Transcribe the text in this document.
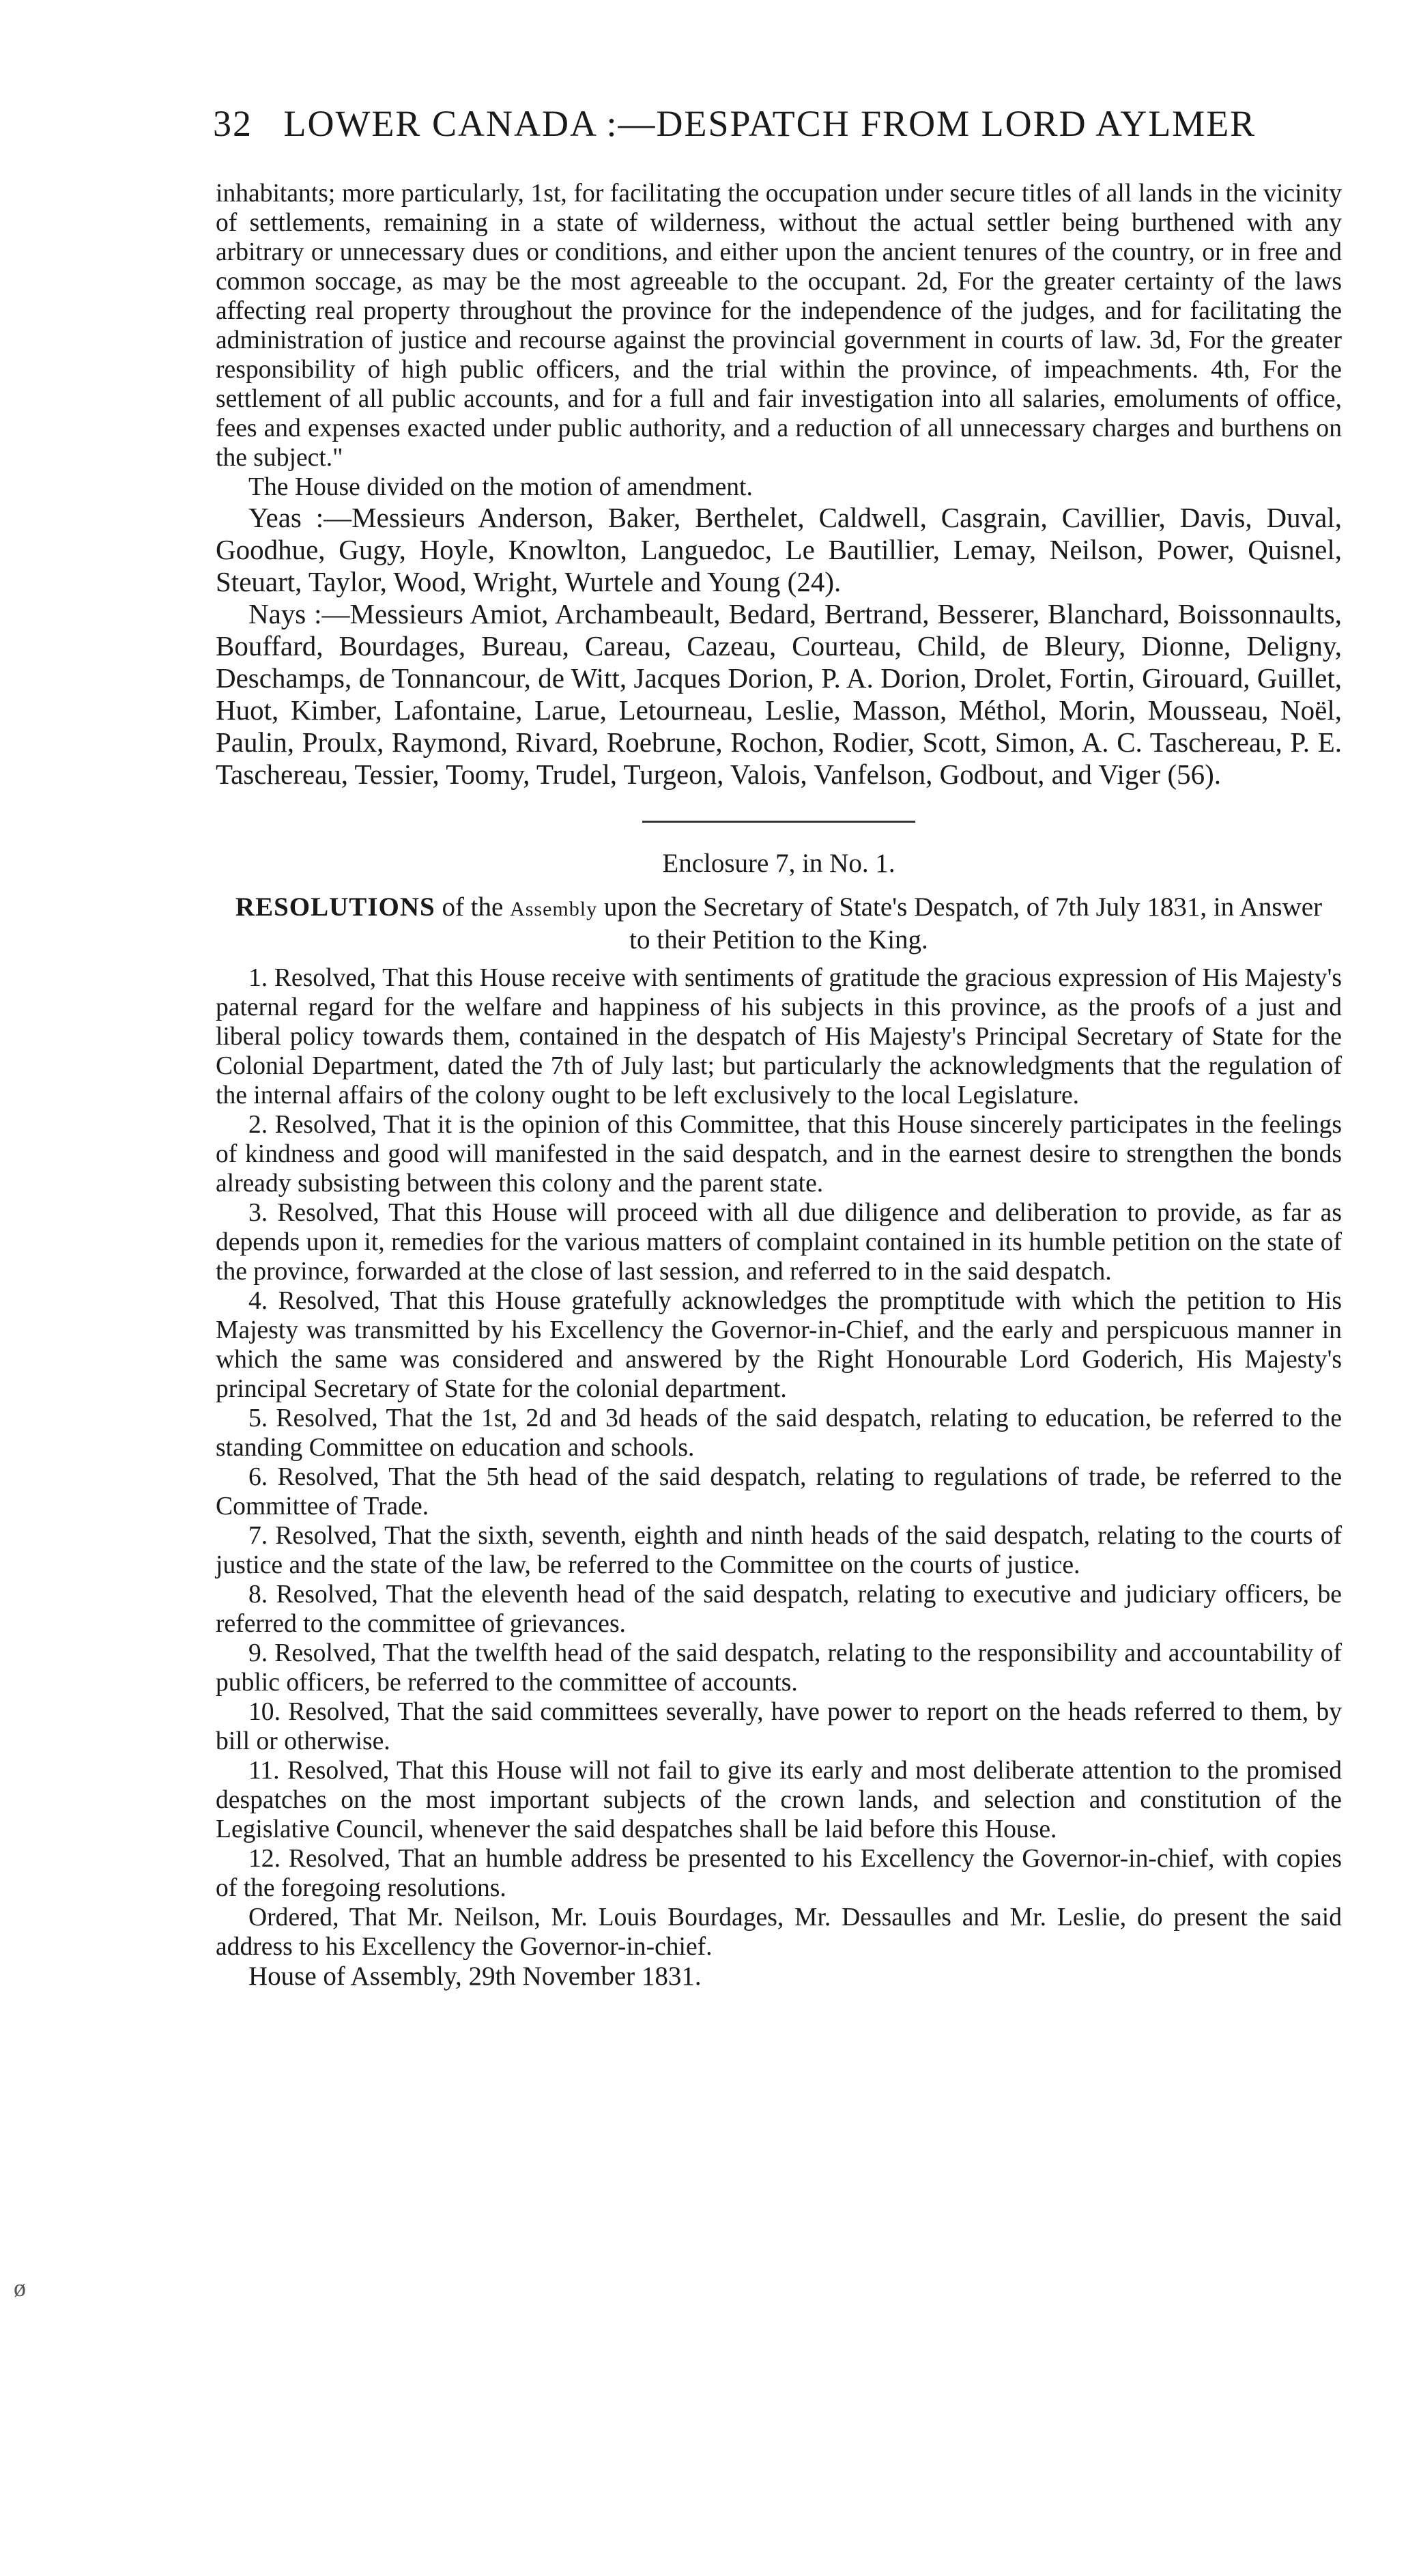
32 LOWER CANADA :—DESPATCH FROM LORD AYLMER

inhabitants; more particularly, 1st, for facilitating the occupation under secure titles of all lands in the vicinity of settlements, remaining in a state of wilderness, without the actual settler being burthened with any arbitrary or unnecessary dues or conditions, and either upon the ancient tenures of the country, or in free and common soccage, as may be the most agreeable to the occupant. 2d, For the greater certainty of the laws affecting real property throughout the province for the independence of the judges, and for facilitating the administration of justice and recourse against the provincial government in courts of law. 3d, For the greater responsibility of high public officers, and the trial within the province, of impeachments. 4th, For the settlement of all public accounts, and for a full and fair investigation into all salaries, emoluments of office, fees and expenses exacted under public authority, and a reduction of all unnecessary charges and burthens on the subject."

The House divided on the motion of amendment.

Yeas :—Messieurs Anderson, Baker, Berthelet, Caldwell, Casgrain, Cavillier, Davis, Duval, Goodhue, Gugy, Hoyle, Knowlton, Languedoc, Le Bautillier, Lemay, Neilson, Power, Quisnel, Steuart, Taylor, Wood, Wright, Wurtele and Young (24).

Nays :—Messieurs Amiot, Archambeault, Bedard, Bertrand, Besserer, Blanchard, Boissonnaults, Bouffard, Bourdages, Bureau, Careau, Cazeau, Courteau, Child, de Bleury, Dionne, Deligny, Deschamps, de Tonnancour, de Witt, Jacques Dorion, P. A. Dorion, Drolet, Fortin, Girouard, Guillet, Huot, Kimber, Lafontaine, Larue, Letourneau, Leslie, Masson, Méthol, Morin, Mousseau, Noël, Paulin, Proulx, Raymond, Rivard, Roebrune, Rochon, Rodier, Scott, Simon, A. C. Taschereau, P. E. Taschereau, Tessier, Toomy, Trudel, Turgeon, Valois, Vanfelson, Godbout, and Viger (56).

Enclosure 7, in No. 1.
RESOLUTIONS of the Assembly upon the Secretary of State's Despatch, of 7th July 1831, in Answer to their Petition to the King.

1. Resolved, That this House receive with sentiments of gratitude the gracious expression of His Majesty's paternal regard for the welfare and happiness of his subjects in this province, as the proofs of a just and liberal policy towards them, contained in the despatch of His Majesty's Principal Secretary of State for the Colonial Department, dated the 7th of July last; but particularly the acknowledgments that the regulation of the internal affairs of the colony ought to be left exclusively to the local Legislature.

2. Resolved, That it is the opinion of this Committee, that this House sincerely participates in the feelings of kindness and good will manifested in the said despatch, and in the earnest desire to strengthen the bonds already subsisting between this colony and the parent state.

3. Resolved, That this House will proceed with all due diligence and deliberation to provide, as far as depends upon it, remedies for the various matters of complaint contained in its humble petition on the state of the province, forwarded at the close of last session, and referred to in the said despatch.

4. Resolved, That this House gratefully acknowledges the promptitude with which the petition to His Majesty was transmitted by his Excellency the Governor-in-Chief, and the early and perspicuous manner in which the same was considered and answered by the Right Honourable Lord Goderich, His Majesty's principal Secretary of State for the colonial department.

5. Resolved, That the 1st, 2d and 3d heads of the said despatch, relating to education, be referred to the standing Committee on education and schools.

6. Resolved, That the 5th head of the said despatch, relating to regulations of trade, be referred to the Committee of Trade.

7. Resolved, That the sixth, seventh, eighth and ninth heads of the said despatch, relating to the courts of justice and the state of the law, be referred to the Committee on the courts of justice.

8. Resolved, That the eleventh head of the said despatch, relating to executive and judiciary officers, be referred to the committee of grievances.

9. Resolved, That the twelfth head of the said despatch, relating to the responsibility and accountability of public officers, be referred to the committee of accounts.

10. Resolved, That the said committees severally, have power to report on the heads referred to them, by bill or otherwise.

11. Resolved, That this House will not fail to give its early and most deliberate attention to the promised despatches on the most important subjects of the crown lands, and selection and constitution of the Legislative Council, whenever the said despatches shall be laid before this House.

12. Resolved, That an humble address be presented to his Excellency the Governor-in-chief, with copies of the foregoing resolutions.

Ordered, That Mr. Neilson, Mr. Louis Bourdages, Mr. Dessaulles and Mr. Leslie, do present the said address to his Excellency the Governor-in-chief.

House of Assembly, 29th November 1831.

ø
